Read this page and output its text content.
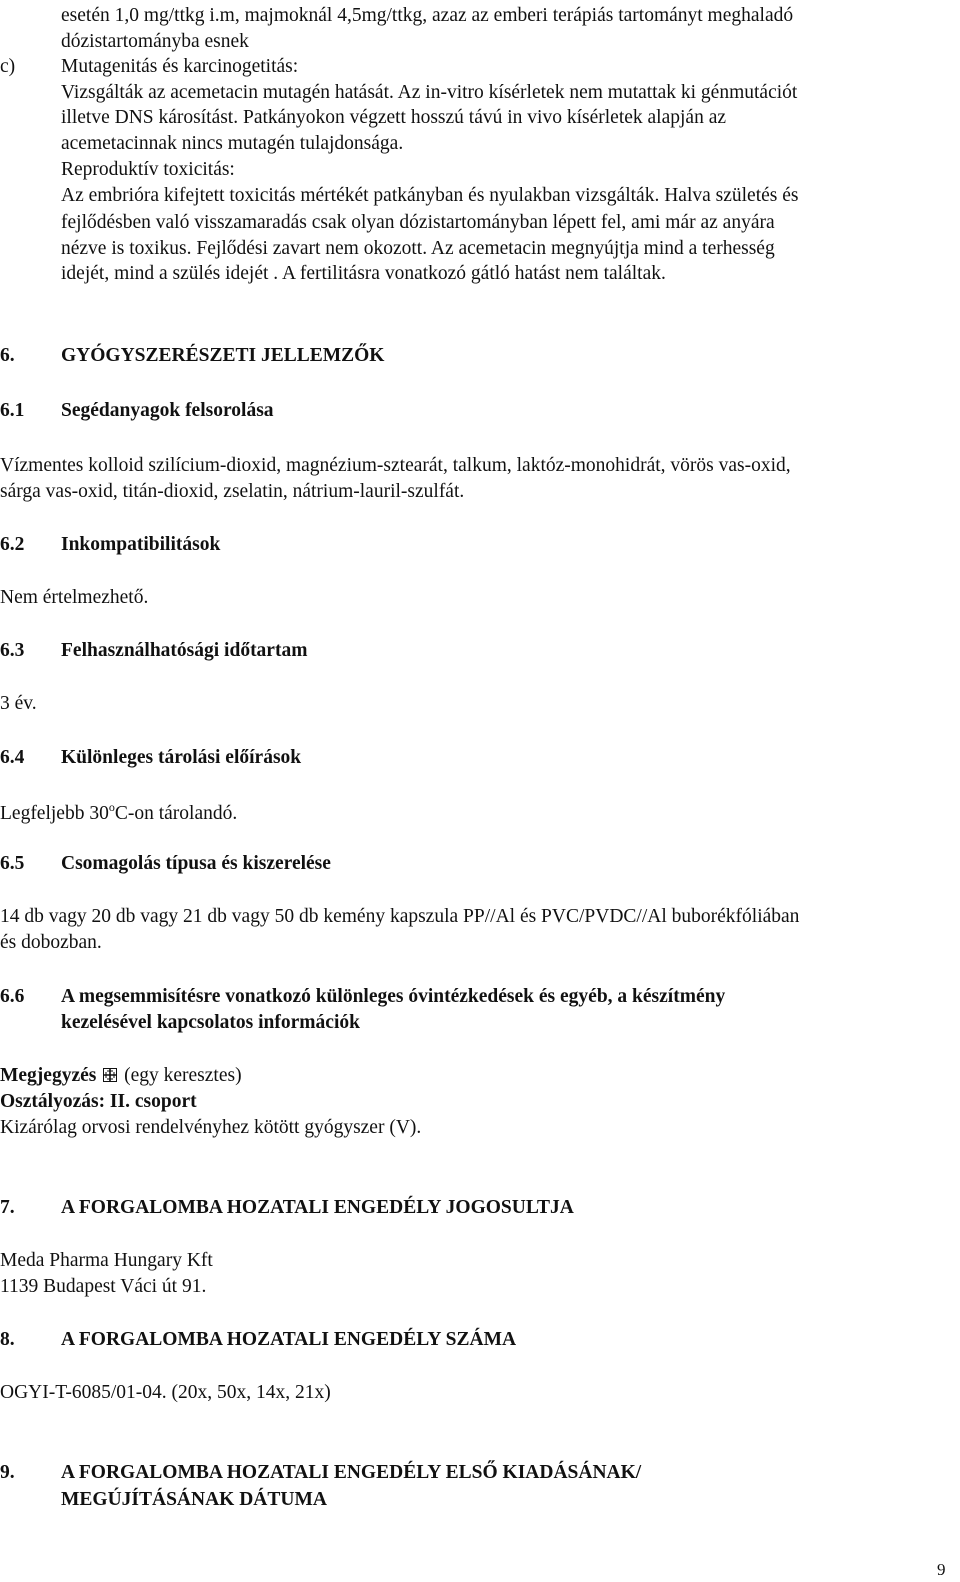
esetén 1,0 mg/ttkg i.m, majmoknál 4,5mg/ttkg, azaz az emberi terápiás tartományt meghaladó
dózistartományba esnek
c) Mutagenitás és karcinogetitás:
Vizsgálták az acemetacin mutagén hatását. Az in-vitro kísérletek nem mutattak ki génmutációt
illetve DNS károsítást. Patkányokon végzett hosszú távú in vivo kísérletek alapján az
acemetacinnak nincs mutagén tulajdonsága.
Reproduktív toxicitás:
Az embrióra kifejtett toxicitás mértékét patkányban és nyulakban vizsgálták. Halva születés és
fejlődésben való visszamaradás csak olyan dózistartományban lépett fel, ami már az anyára
nézve is toxikus. Fejlődési zavart nem okozott. Az acemetacin megnyújtja mind a terhesség
idejét, mind a szülés idejét . A fertilitásra vonatkozó gátló hatást nem találtak.
6. GYÓGYSZERÉSZETI JELLEMZŐK
6.1 Segédanyagok felsorolása
Vízmentes kolloid szilícium-dioxid, magnézium-sztearát, talkum, laktóz-monohidrát, vörös vas-oxid,
sárga vas-oxid, titán-dioxid, zselatin, nátrium-lauril-szulfát.
6.2 Inkompatibilitások
Nem értelmezhető.
6.3 Felhasználhatósági időtartam
3 év.
6.4 Különleges tárolási előírások
Legfeljebb 30$^o$C-on tárolandó.
6.5 Csomagolás típusa és kiszerelése
14 db vagy 20 db vagy 21 db vagy 50 db kemény kapszula PP//Al és PVC/PVDC//Al buborékfóliában
és dobozban.
6.6 A megsemmisítésre vonatkozó különleges óvintézkedések és egyéb, a készítmény
kezelésével kapcsolatos információk
Megjegyzés (egy keresztes)
Osztályozás: II. csoport
Kizárólag orvosi rendelvényhez kötött gyógyszer (V).
7. A FORGALOMBA HOZATALI ENGEDÉLY JOGOSULTJA
Meda Pharma Hungary Kft
1139 Budapest Váci út 91.
8. A FORGALOMBA HOZATALI ENGEDÉLY SZÁMA
OGYI-T-6085/01-04. (20x, 50x, 14x, 21x)
9. A FORGALOMBA HOZATALI ENGEDÉLY ELSŐ KIADÁSÁNAK/
MEGÚJÍTÁSÁNAK DÁTUMA
9
